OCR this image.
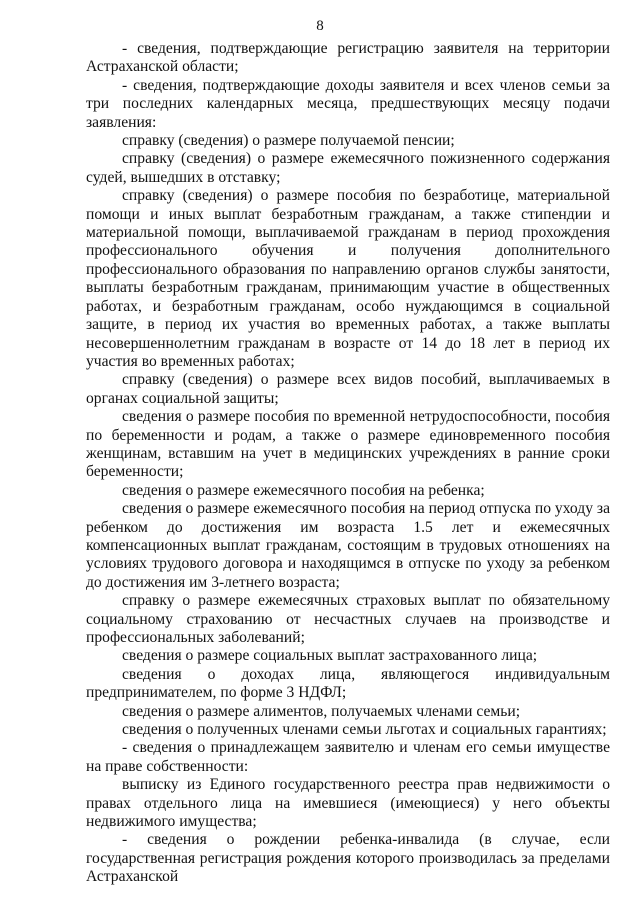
8

- сведения, подтверждающие регистрацию заявителя на территории Астраханской области;

- сведения, подтверждающие доходы заявителя и всех членов семьи за три последних календарных месяца, предшествующих месяцу подачи заявления:

справку (сведения) о размере получаемой пенсии;

справку (сведения) о размере ежемесячного пожизненного содержания судей, вышедших в отставку;

справку (сведения) о размере пособия по безработице, материальной помощи и иных выплат безработным гражданам, а также стипендии и материальной помощи, выплачиваемой гражданам в период прохождения профессионального обучения и получения дополнительного профессионального образования по направлению органов службы занятости, выплаты безработным гражданам, принимающим участие в общественных работах, и безработным гражданам, особо нуждающимся в социальной защите, в период их участия во временных работах, а также выплаты несовершеннолетним гражданам в возрасте от 14 до 18 лет в период их участия во временных работах;

справку (сведения) о размере всех видов пособий, выплачиваемых в органах социальной защиты;

сведения о размере пособия по временной нетрудоспособности, пособия по беременности и родам, а также о размере единовременного пособия женщинам, вставшим на учет в медицинских учреждениях в ранние сроки беременности;

сведения о размере ежемесячного пособия на ребенка;

сведения о размере ежемесячного пособия на период отпуска по уходу за ребенком до достижения им возраста 1.5 лет и ежемесячных компенсационных выплат гражданам, состоящим в трудовых отношениях на условиях трудового договора и находящимся в отпуске по уходу за ребенком до достижения им 3-летнего возраста;

справку о размере ежемесячных страховых выплат по обязательному социальному страхованию от несчастных случаев на производстве и профессиональных заболеваний;

сведения о размере социальных выплат застрахованного лица;

сведения о доходах лица, являющегося индивидуальным предпринимателем, по форме 3 НДФЛ;

сведения о размере алиментов, получаемых членами семьи;

сведения о полученных членами семьи льготах и социальных гарантиях;

- сведения о принадлежащем заявителю и членам его семьи имуществе на праве собственности:

выписку из Единого государственного реестра прав недвижимости о правах отдельного лица на имевшиеся (имеющиеся) у него объекты недвижимого имущества;

- сведения о рождении ребенка-инвалида (в случае, если государственная регистрация рождения которого производилась за пределами Астраханской
